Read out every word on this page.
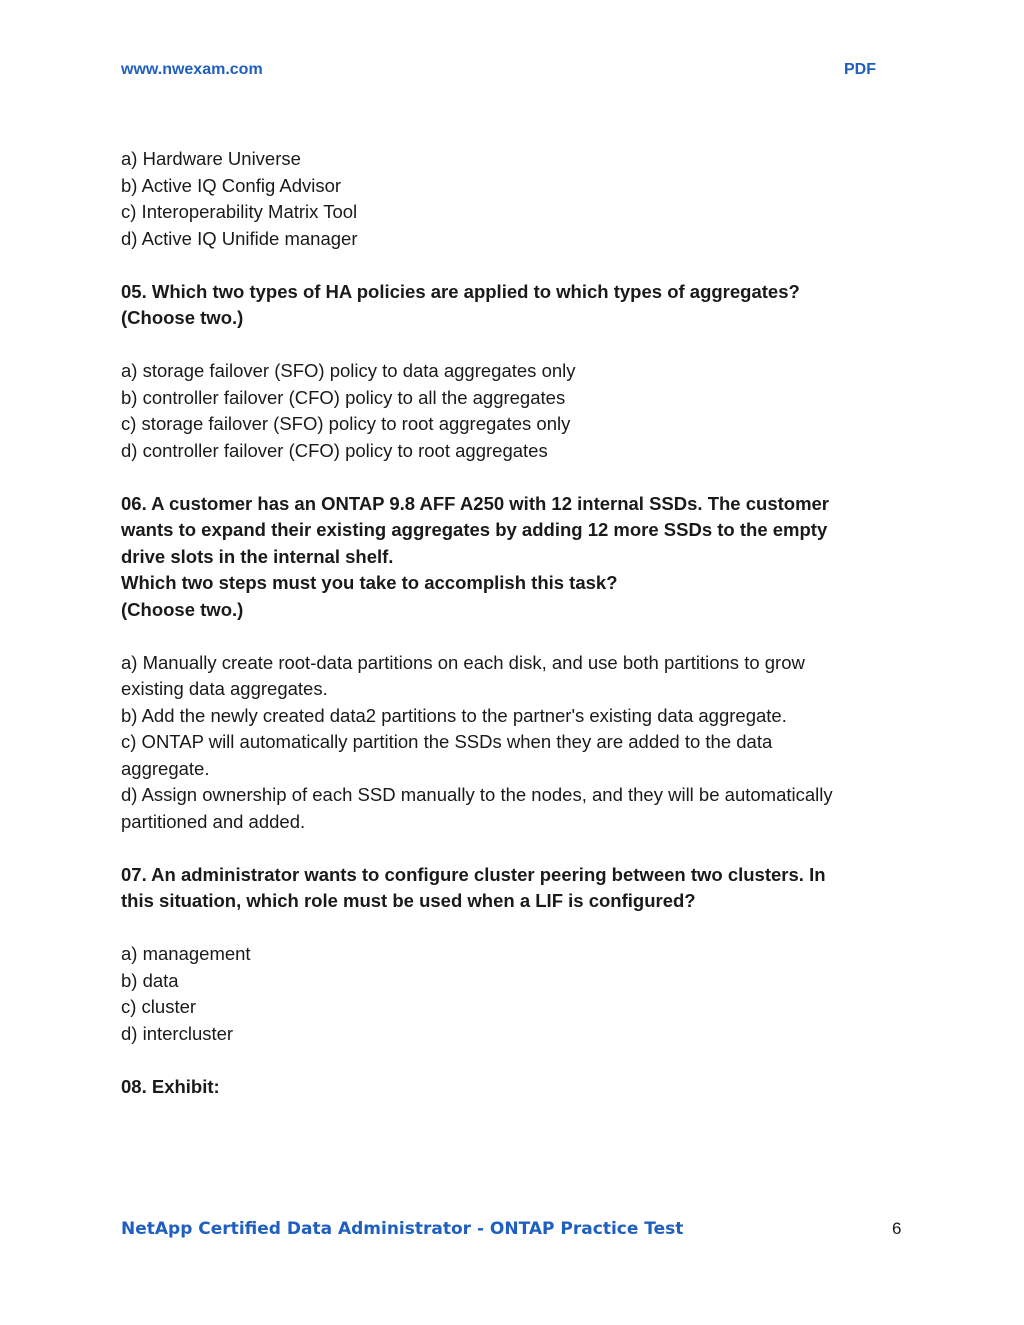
www.nwexam.com	PDF
a) Hardware Universe
b) Active IQ Config Advisor
c) Interoperability Matrix Tool
d) Active IQ Unifide manager
05. Which two types of HA policies are applied to which types of aggregates?
(Choose two.)
a) storage failover (SFO) policy to data aggregates only
b) controller failover (CFO) policy to all the aggregates
c) storage failover (SFO) policy to root aggregates only
d) controller failover (CFO) policy to root aggregates
06. A customer has an ONTAP 9.8 AFF A250 with 12 internal SSDs. The customer
wants to expand their existing aggregates by adding 12 more SSDs to the empty
drive slots in the internal shelf.
Which two steps must you take to accomplish this task?
(Choose two.)
a) Manually create root-data partitions on each disk, and use both partitions to grow
existing data aggregates.
b) Add the newly created data2 partitions to the partner's existing data aggregate.
c) ONTAP will automatically partition the SSDs when they are added to the data
aggregate.
d) Assign ownership of each SSD manually to the nodes, and they will be automatically
partitioned and added.
07. An administrator wants to configure cluster peering between two clusters. In
this situation, which role must be used when a LIF is configured?
a) management
b) data
c) cluster
d) intercluster
08. Exhibit:
NetApp Certified Data Administrator - ONTAP Practice Test	6
